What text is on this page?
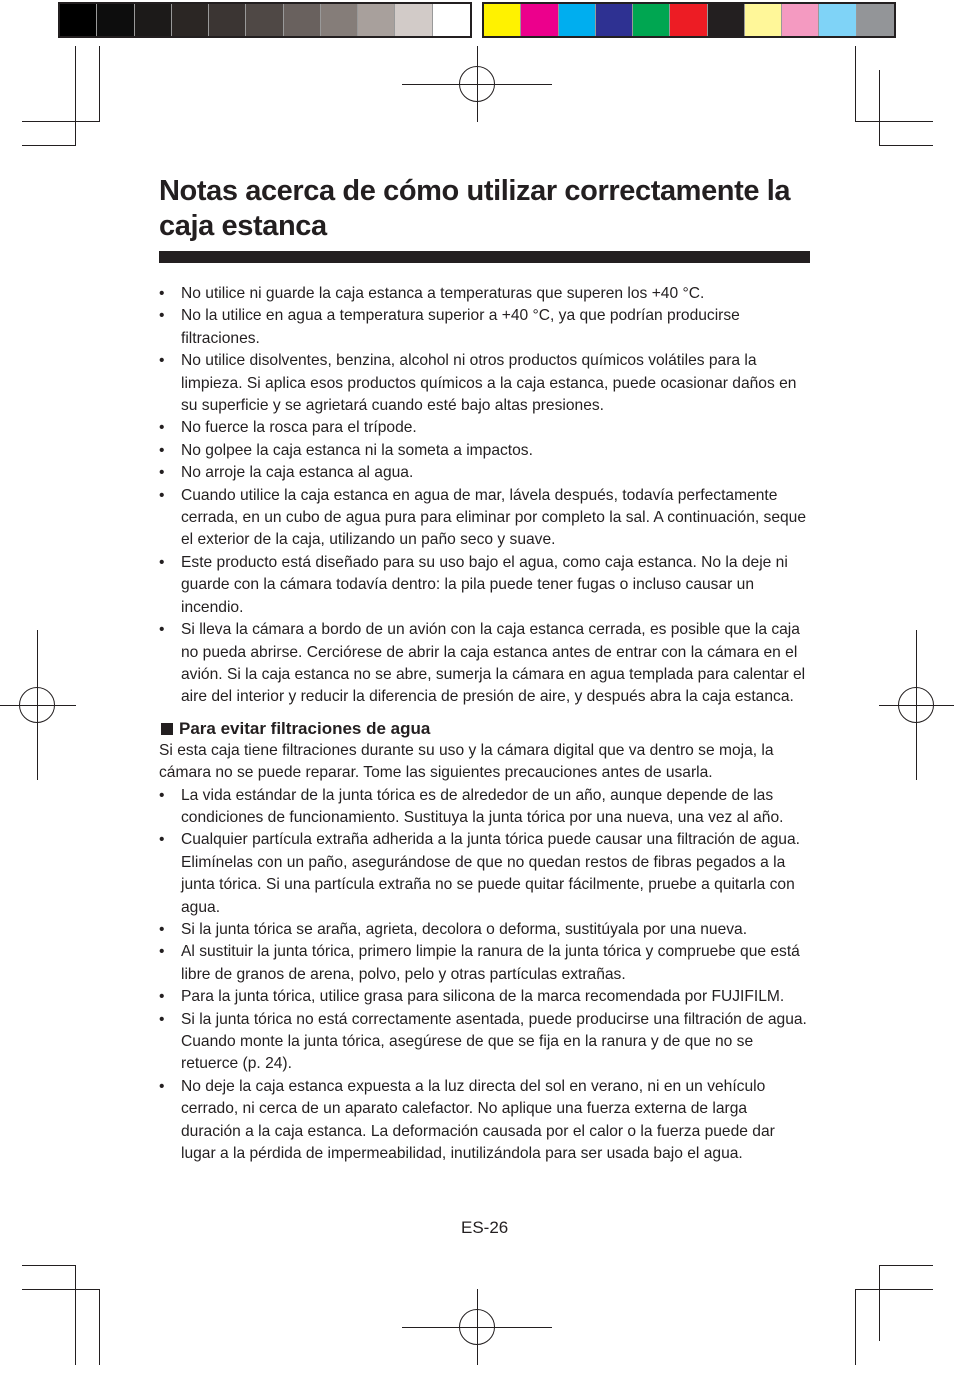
Notas acerca de cómo utilizar correctamente la caja estanca
• No utilice ni guarde la caja estanca a temperaturas que superen los +40 °C.
• No la utilice en agua a temperatura superior a +40 °C, ya que podrían producirse filtraciones.
• No utilice disolventes, benzina, alcohol ni otros productos químicos volátiles para la limpieza. Si aplica esos productos químicos a la caja estanca, puede ocasionar daños en su superficie y se agrietará cuando esté bajo altas presiones.
• No fuerce la rosca para el trípode.
• No golpee la caja estanca ni la someta a impactos.
• No arroje la caja estanca al agua.
• Cuando utilice la caja estanca en agua de mar, lávela después, todavía perfectamente cerrada, en un cubo de agua pura para eliminar por completo la sal. A continuación, seque el exterior de la caja, utilizando un paño seco y suave.
• Este producto está diseñado para su uso bajo el agua, como caja estanca. No la deje ni guarde con la cámara todavía dentro: la pila puede tener fugas o incluso causar un incendio.
• Si lleva la cámara a bordo de un avión con la caja estanca cerrada, es posible que la caja no pueda abrirse. Cerciórese de abrir la caja estanca antes de entrar con la cámara en el avión. Si la caja estanca no se abre, sumerja la cámara en agua templada para calentar el aire del interior y reducir la diferencia de presión de aire, y después abra la caja estanca.
Para evitar filtraciones de agua

Si esta caja tiene filtraciones durante su uso y la cámara digital que va dentro se moja, la cámara no se puede reparar. Tome las siguientes precauciones antes de usarla.

• La vida estándar de la junta tórica es de alrededor de un año, aunque depende de las condiciones de funcionamiento. Sustituya la junta tórica por una nueva, una vez al año.
• Cualquier partícula extraña adherida a la junta tórica puede causar una filtración de agua. Elimínelas con un paño, asegurándose de que no quedan restos de fibras pegados a la junta tórica. Si una partícula extraña no se puede quitar fácilmente, pruebe a quitarla con agua.
• Si la junta tórica se araña, agrieta, decolora o deforma, sustitúyala por una nueva.
• Al sustituir la junta tórica, primero limpie la ranura de la junta tórica y compruebe que está libre de granos de arena, polvo, pelo y otras partículas extrañas.
• Para la junta tórica, utilice grasa para silicona de la marca recomendada por FUJIFILM.
• Si la junta tórica no está correctamente asentada, puede producirse una filtración de agua. Cuando monte la junta tórica, asegúrese de que se fija en la ranura y de que no se retuerce (p. 24).
• No deje la caja estanca expuesta a la luz directa del sol en verano, ni en un vehículo cerrado, ni cerca de un aparato calefactor. No aplique una fuerza externa de larga duración a la caja estanca. La deformación causada por el calor o la fuerza puede dar lugar a la pérdida de impermeabilidad, inutilizándola para ser usada bajo el agua.
ES-26
